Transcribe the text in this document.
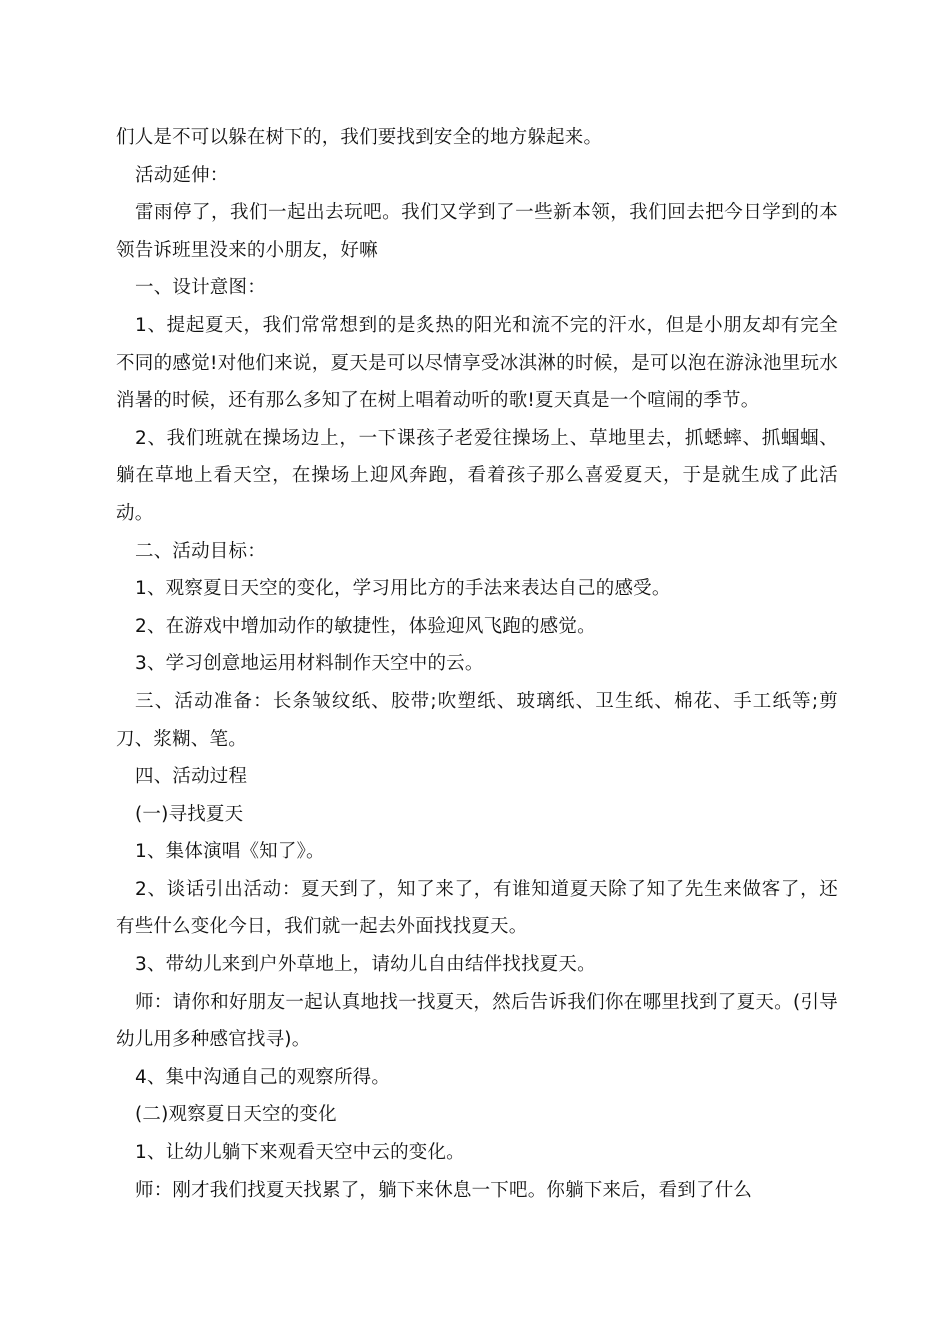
们人是不可以躲在树下的，我们要找到安全的地方躲起来。

活动延伸：

雷雨停了，我们一起出去玩吧。我们又学到了一些新本领，我们回去把今日学到的本领告诉班里没来的小朋友，好嘛

一、设计意图：

1、提起夏天，我们常常想到的是炙热的阳光和流不完的汗水，但是小朋友却有完全不同的感觉!对他们来说，夏天是可以尽情享受冰淇淋的时候，是可以泡在游泳池里玩水消暑的时候，还有那么多知了在树上唱着动听的歌!夏天真是一个喧闹的季节。

2、我们班就在操场边上，一下课孩子老爱往操场上、草地里去，抓蟋蟀、抓蝈蝈、躺在草地上看天空，在操场上迎风奔跑，看着孩子那么喜爱夏天，于是就生成了此活动。

二、活动目标：

1、观察夏日天空的变化，学习用比方的手法来表达自己的感受。

2、在游戏中增加动作的敏捷性，体验迎风飞跑的感觉。

3、学习创意地运用材料制作天空中的云。

三、活动准备：长条皱纹纸、胶带;吹塑纸、玻璃纸、卫生纸、棉花、手工纸等;剪刀、浆糊、笔。

四、活动过程

(一)寻找夏天

1、集体演唱《知了》。

2、谈话引出活动：夏天到了，知了来了，有谁知道夏天除了知了先生来做客了，还有些什么变化今日，我们就一起去外面找找夏天。

3、带幼儿来到户外草地上，请幼儿自由结伴找找夏天。

师：请你和好朋友一起认真地找一找夏天，然后告诉我们你在哪里找到了夏天。(引导幼儿用多种感官找寻)。

4、集中沟通自己的观察所得。

(二)观察夏日天空的变化

1、让幼儿躺下来观看天空中云的变化。

师：刚才我们找夏天找累了，躺下来休息一下吧。你躺下来后，看到了什么
